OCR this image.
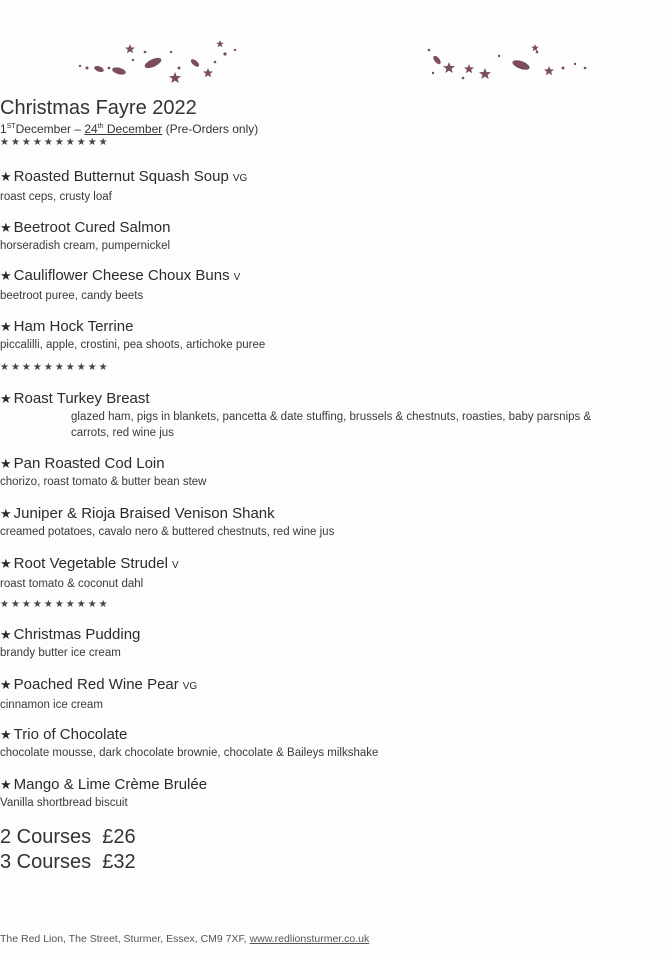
Christmas Fayre 2022
1STDecember – 24th December (Pre-Orders only)
★★★★★★★★★★
★ Roasted Butternut Squash Soup VG
roast ceps, crusty loaf
★ Beetroot Cured Salmon
horseradish cream, pumpernickel
★ Cauliflower Cheese Choux Buns V
beetroot puree, candy beets
★ Ham Hock Terrine
piccalilli, apple, crostini, pea shoots, artichoke puree
★★★★★★★★★★
★ Roast Turkey Breast
glazed ham, pigs in blankets, pancetta & date stuffing, brussels & chestnuts, roasties, baby parsnips & carrots, red wine jus
★ Pan Roasted Cod Loin
chorizo, roast tomato & butter bean stew
★ Juniper & Rioja Braised Venison Shank
creamed potatoes, cavalo nero & buttered chestnuts, red wine jus
★ Root Vegetable Strudel V
roast tomato & coconut dahl
★★★★★★★★★★
★ Christmas Pudding
brandy butter ice cream
★ Poached Red Wine Pear VG
cinnamon ice cream
★ Trio of Chocolate
chocolate mousse, dark chocolate brownie, chocolate & Baileys milkshake
★ Mango & Lime Crème Brulée
Vanilla shortbread biscuit
2 Courses £26
3 Courses £32
The Red Lion, The Street, Sturmer, Essex, CM9 7XF, www.redlionsturmer.co.uk
